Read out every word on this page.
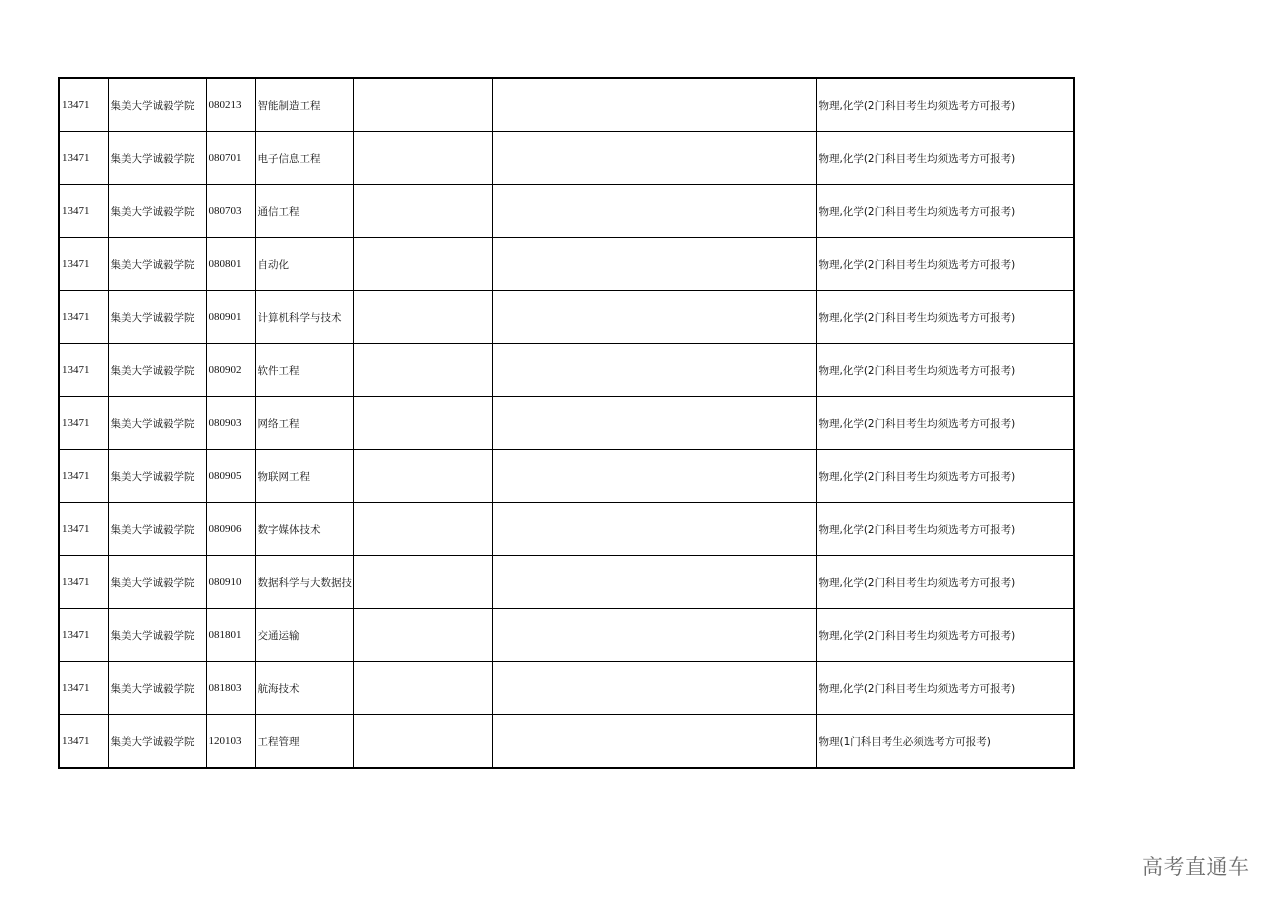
13471	集美大学诚毅学院	080213	智能制造工程			物理,化学(2门科目考生均须选考方可报考)
13471	集美大学诚毅学院	080701	电子信息工程			物理,化学(2门科目考生均须选考方可报考)
13471	集美大学诚毅学院	080703	通信工程			物理,化学(2门科目考生均须选考方可报考)
13471	集美大学诚毅学院	080801	自动化			物理,化学(2门科目考生均须选考方可报考)
13471	集美大学诚毅学院	080901	计算机科学与技术			物理,化学(2门科目考生均须选考方可报考)
13471	集美大学诚毅学院	080902	软件工程			物理,化学(2门科目考生均须选考方可报考)
13471	集美大学诚毅学院	080903	网络工程			物理,化学(2门科目考生均须选考方可报考)
13471	集美大学诚毅学院	080905	物联网工程			物理,化学(2门科目考生均须选考方可报考)
13471	集美大学诚毅学院	080906	数字媒体技术			物理,化学(2门科目考生均须选考方可报考)
13471	集美大学诚毅学院	080910	数据科学与大数据技			物理,化学(2门科目考生均须选考方可报考)
13471	集美大学诚毅学院	081801	交通运输			物理,化学(2门科目考生均须选考方可报考)
13471	集美大学诚毅学院	081803	航海技术			物理,化学(2门科目考生均须选考方可报考)
13471	集美大学诚毅学院	120103	工程管理			物理(1门科目考生必须选考方可报考)
高考直通车
